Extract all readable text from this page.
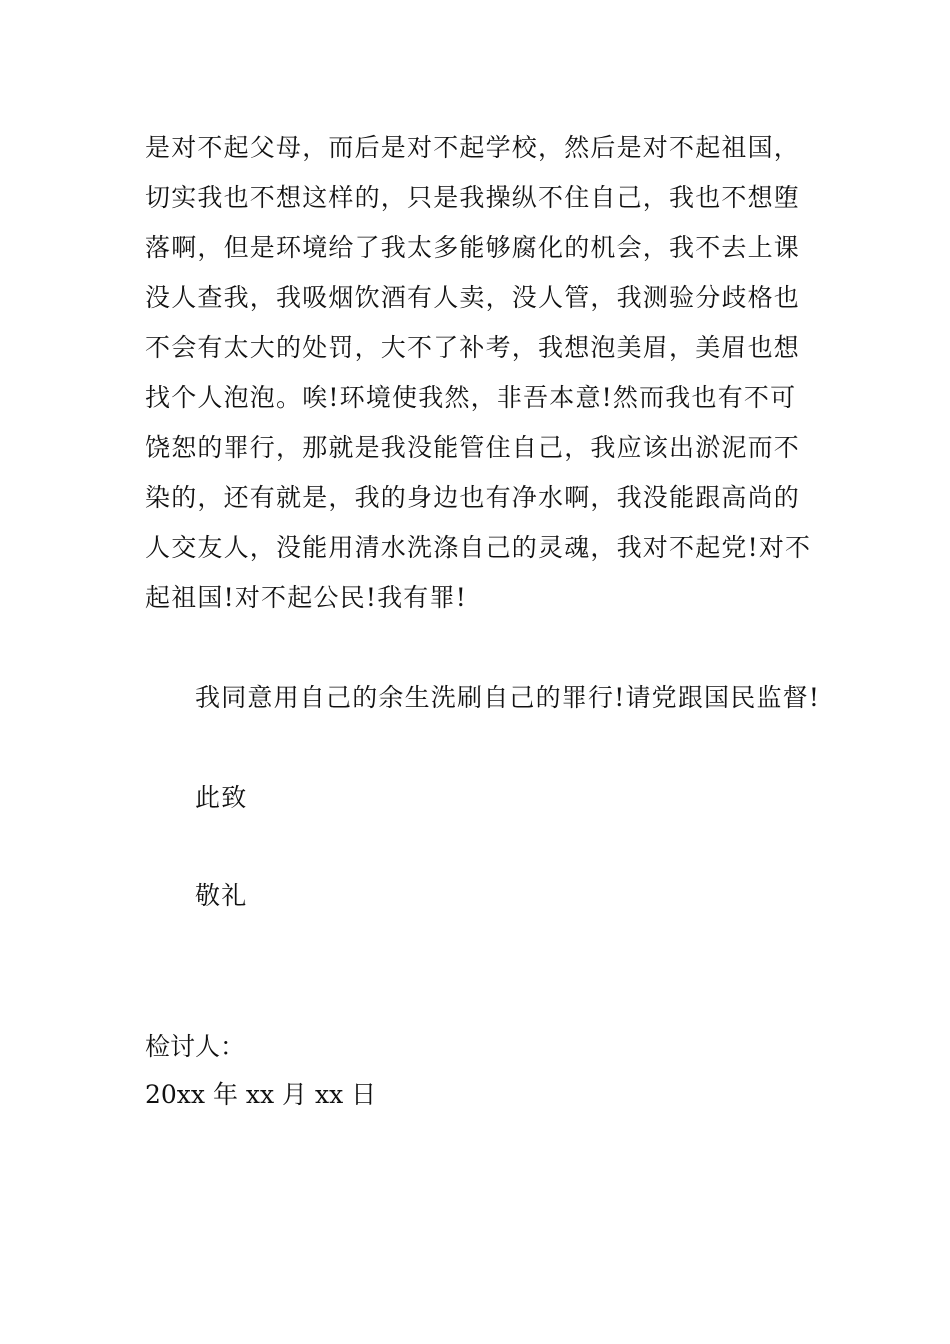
是对不起父母，而后是对不起学校，然后是对不起祖国，
切实我也不想这样的，只是我操纵不住自己，我也不想堕
落啊，但是环境给了我太多能够腐化的机会，我不去上课
没人查我，我吸烟饮酒有人卖，没人管，我测验分歧格也
不会有太大的处罚，大不了补考，我想泡美眉，美眉也想
找个人泡泡。唉!环境使我然，非吾本意!然而我也有不可
饶恕的罪行，那就是我没能管住自己，我应该出淤泥而不
染的，还有就是，我的身边也有净水啊，我没能跟高尚的
人交友人，没能用清水洗涤自己的灵魂，我对不起党!对不
起祖国!对不起公民!我有罪!
我同意用自己的余生洗刷自己的罪行!请党跟国民监督!
此致
敬礼
检讨人：
20xx 年 xx 月 xx 日
